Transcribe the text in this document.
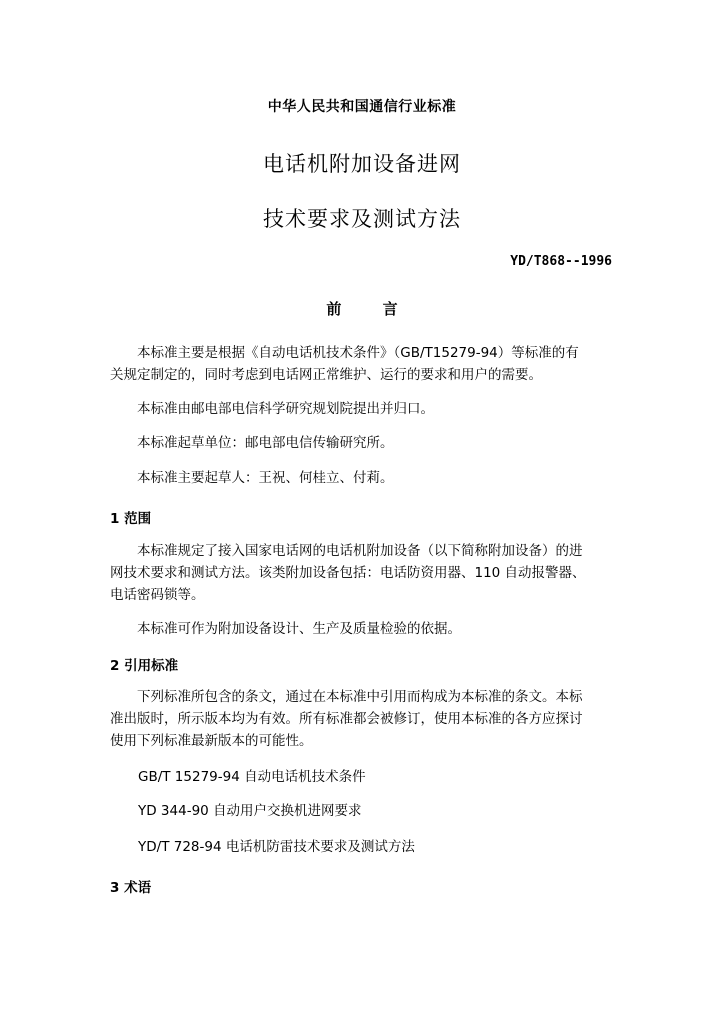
中华人民共和国通信行业标准
电话机附加设备进网
技术要求及测试方法
YD/T868--1996
前 言
本标准主要是根据《自动电话机技术条件》（GB/T15279-94）等标准的有
关规定制定的，同时考虑到电话网正常维护、运行的要求和用户的需要。
本标准由邮电部电信科学研究规划院提出并归口。
本标准起草单位：邮电部电信传输研究所。
本标准主要起草人：王祝、何桂立、付莉。
1 范围
本标准规定了接入国家电话网的电话机附加设备（以下简称附加设备）的进
网技术要求和测试方法。该类附加设备包括：电话防资用器、110 自动报警器、
电话密码锁等。
本标准可作为附加设备设计、生产及质量检验的依据。
2 引用标准
下列标准所包含的条文，通过在本标准中引用而构成为本标准的条文。本标
准出版时，所示版本均为有效。所有标准都会被修订，使用本标准的各方应探讨
使用下列标准最新版本的可能性。
GB/T 15279-94 自动电话机技术条件
YD 344-90 自动用户交换机进网要求
YD/T 728-94 电话机防雷技术要求及测试方法
3 术语
